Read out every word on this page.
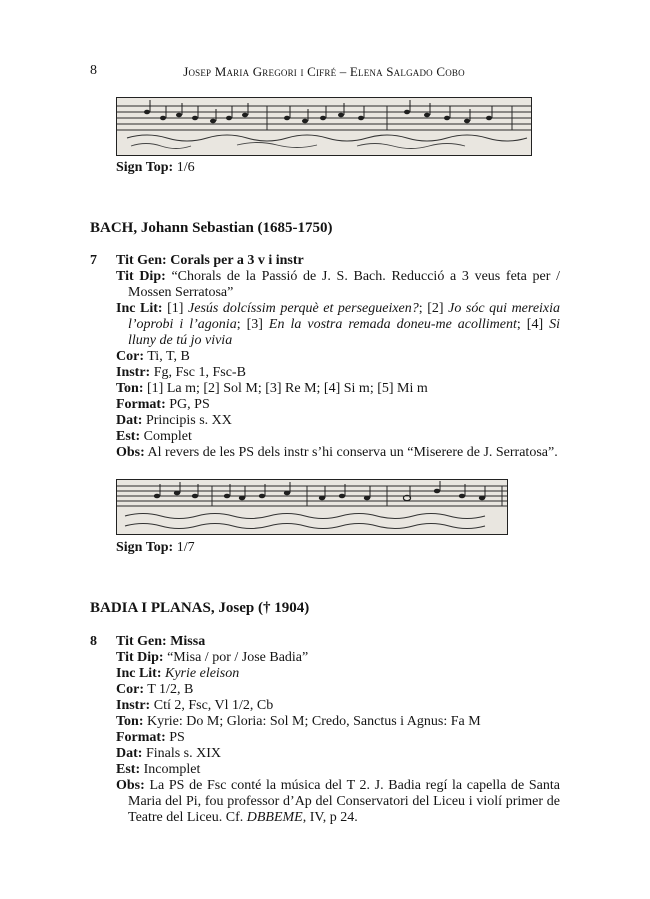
8	Josep Maria Gregori i Cifré – Elena Salgado Cobo
Sign Top: 1/6
BACH, Johann Sebastian (1685-1750)
7 Tit Gen: Corals per a 3 v i instr
Tit Dip: “Chorals de la Passió de J. S. Bach. Reducció a 3 veus feta per / Mossen Serratosa”
Inc Lit: [1] Jesús dolcíssim perquè et persegueixen?; [2] Jo sóc qui mereixia l’oprobi i l’agonia; [3] En la vostra remada doneu-me acolliment; [4] Si lluny de tú jo vivia
Cor: Ti, T, B
Instr: Fg, Fsc 1, Fsc-B
Ton: [1] La m; [2] Sol M; [3] Re M; [4] Si m; [5] Mi m
Format: PG, PS
Dat: Principis s. XX
Est: Complet
Obs: Al revers de les PS dels instr s’hi conserva un “Miserere de J. Serratosa”.
Sign Top: 1/7
BADIA I PLANAS, Josep († 1904)
8 Tit Gen: Missa
Tit Dip: “Misa / por / Jose Badia”
Inc Lit: Kyrie eleison
Cor: T 1/2, B
Instr: Ctí 2, Fsc, Vl 1/2, Cb
Ton: Kyrie: Do M; Gloria: Sol M; Credo, Sanctus i Agnus: Fa M
Format: PS
Dat: Finals s. XIX
Est: Incomplet
Obs: La PS de Fsc conté la música del T 2. J. Badia regí la capella de Santa Maria del Pi, fou professor d’Ap del Conservatori del Liceu i violí primer de Teatre del Liceu. Cf. DBBEME, IV, p 24.
